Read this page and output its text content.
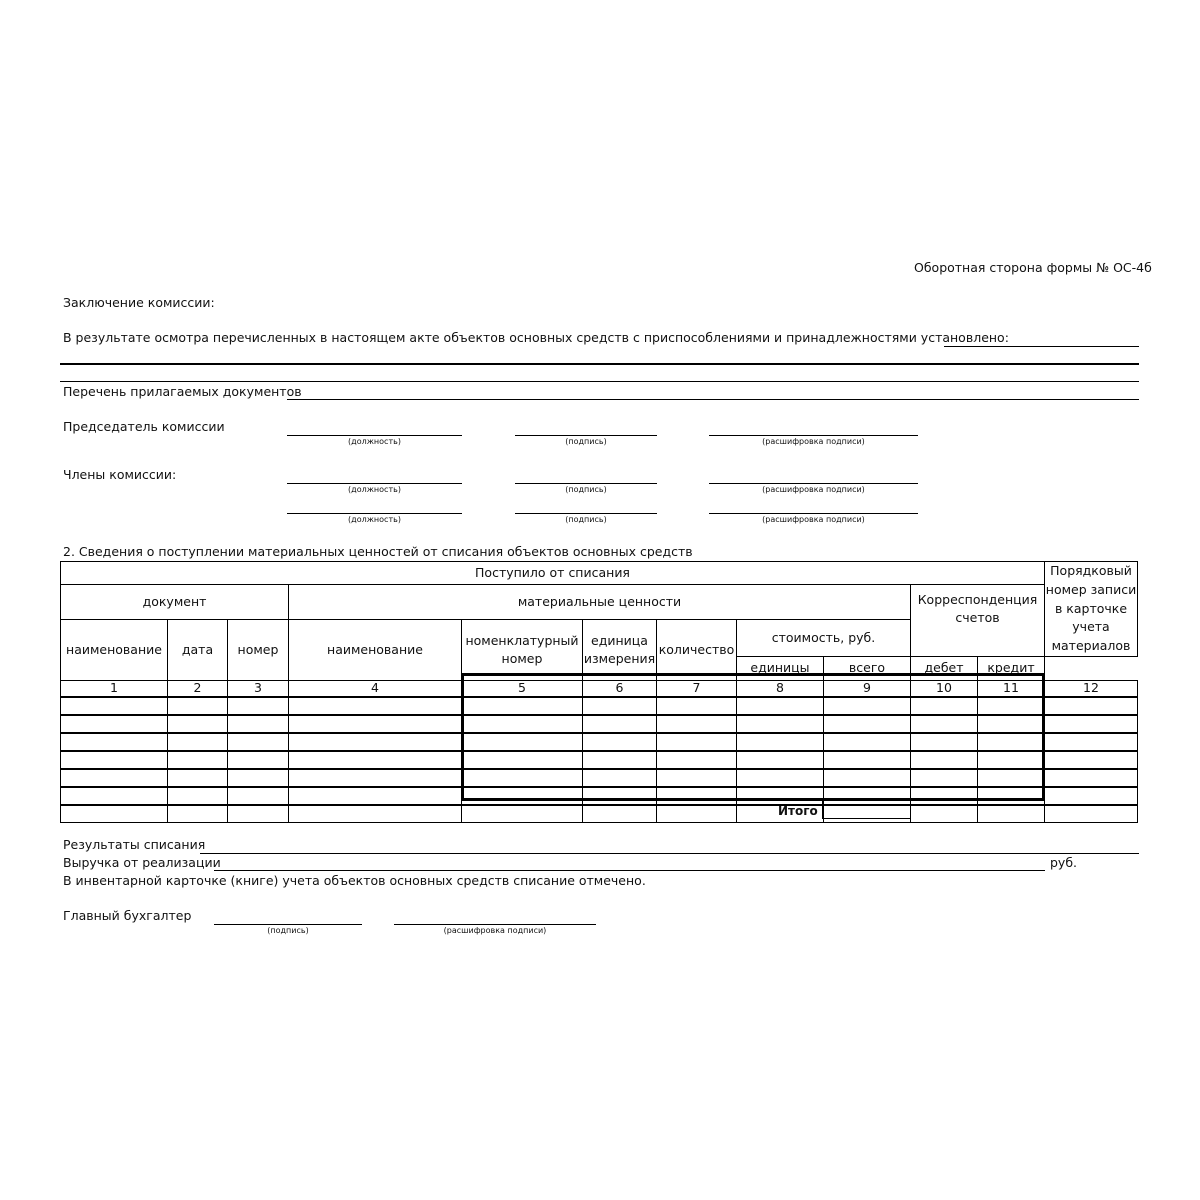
Оборотная сторона формы № ОС-4б
Заключение комиссии:
В результате осмотра перечисленных в настоящем акте объектов основных средств с приспособлениями и принадлежностями установлено:
Перечень прилагаемых документов
Председатель комиссии
(должность)	(подпись)	(расшифровка подписи)
Члены комиссии:
(должность)	(подпись)	(расшифровка подписи)
(должность)	(подпись)	(расшифровка подписи)
2. Сведения о поступлении материальных ценностей от списания объектов основных средств
Поступило от списания											Порядковый номер записи в карточке учета материалов
документ			материальные ценности						Корреспонденция счетов		
наименование	дата	номер	наименование	номенклатурный номер	единица измерения	количество	стоимость, руб.				
							единицы	всего	дебет	кредит	
1	2	3	4	5	6	7	8	9	10	11	12

Итого
Результаты списания
Выручка от реализации	руб.
В инвентарной карточке (книге) учета объектов основных средств списание отмечено.
Главный бухгалтер
(подпись)	(расшифровка подписи)
